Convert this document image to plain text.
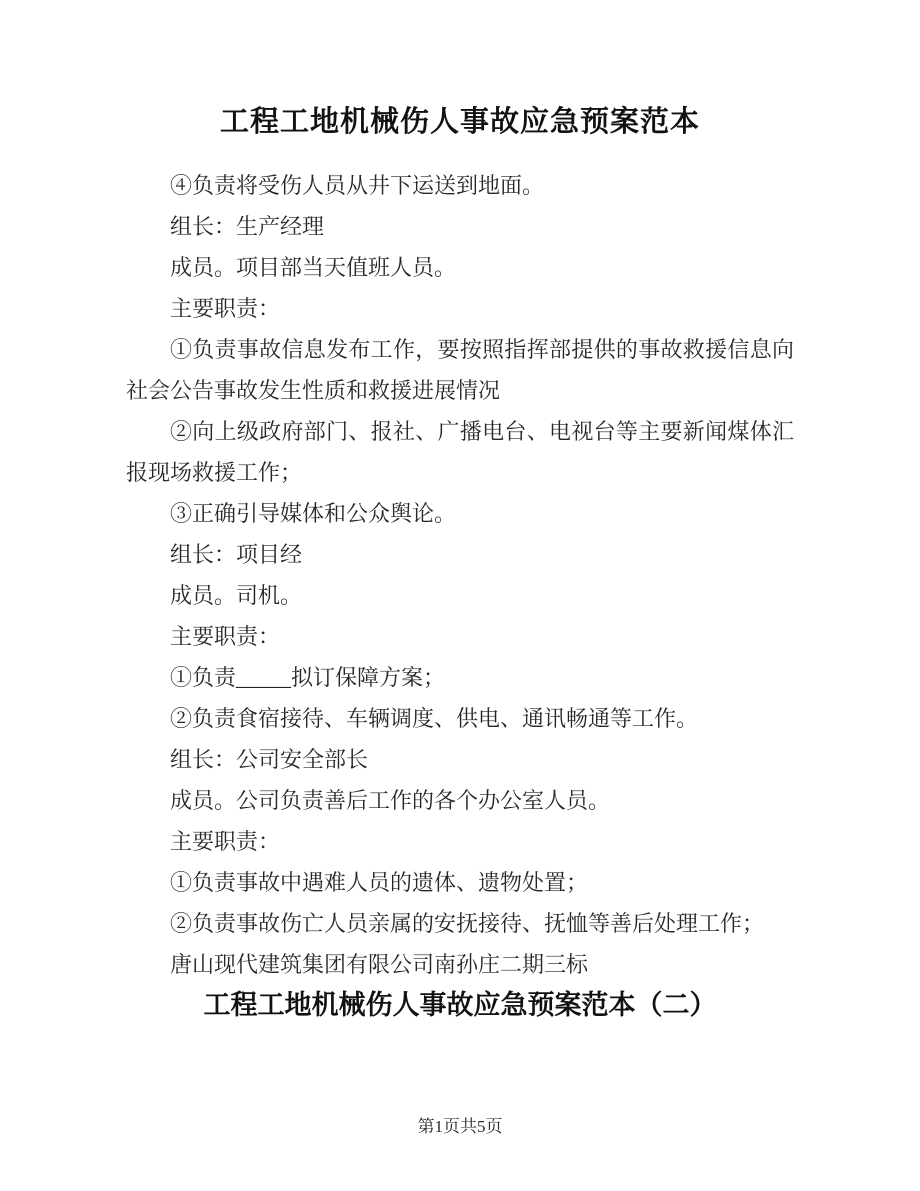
工程工地机械伤人事故应急预案范本

④负责将受伤人员从井下运送到地面。

组长：生产经理

成员。项目部当天值班人员。

主要职责：

①负责事故信息发布工作，要按照指挥部提供的事故救援信息向社会公告事故发生性质和救援进展情况

②向上级政府部门、报社、广播电台、电视台等主要新闻煤体汇报现场救援工作；

③正确引导媒体和公众舆论。

组长：项目经

成员。司机。

主要职责：

①负责_____拟订保障方案；

②负责食宿接待、车辆调度、供电、通讯畅通等工作。

组长：公司安全部长

成员。公司负责善后工作的各个办公室人员。

主要职责：

①负责事故中遇难人员的遗体、遗物处置；

②负责事故伤亡人员亲属的安抚接待、抚恤等善后处理工作；

唐山现代建筑集团有限公司南孙庄二期三标

工程工地机械伤人事故应急预案范本（二）
第1页共5页
